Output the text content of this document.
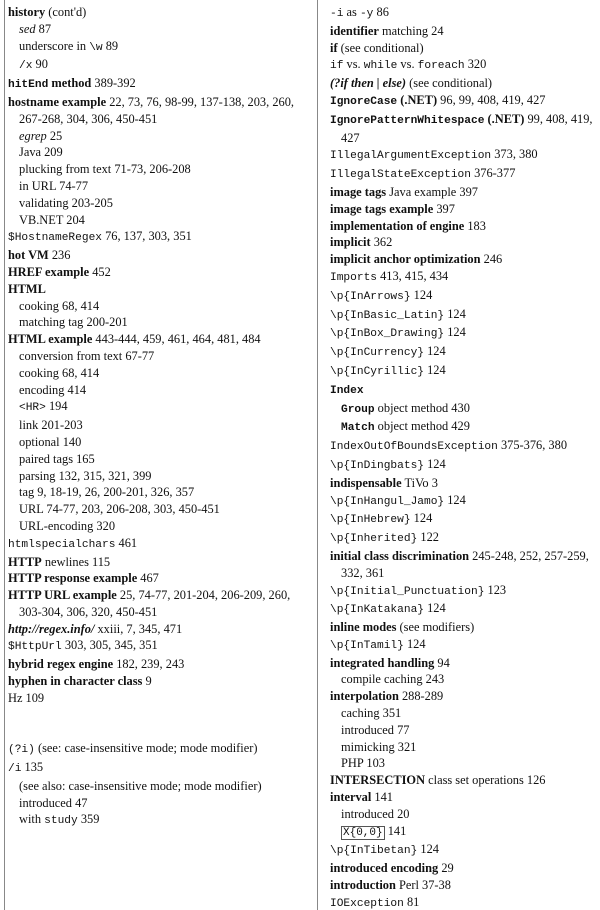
history (cont'd)
sed 87
underscore in \w 89
/x 90
hitEnd method 389-392
hostname example 22, 73, 76, 98-99, 137-138, 203, 260, 267-268, 304, 306, 450-451
egrep 25
Java 209
plucking from text 71-73, 206-208
in URL 74-77
validating 203-205
VB.NET 204
$HostnameRegex 76, 137, 303, 351
hot VM 236
HREF example 452
HTML
cooking 68, 414
matching tag 200-201
HTML example 443-444, 459, 461, 464, 481, 484
conversion from text 67-77
cooking 68, 414
encoding 414
<HR> 194
link 201-203
optional 140
paired tags 165
parsing 132, 315, 321, 399
tag 9, 18-19, 26, 200-201, 326, 357
URL 74-77, 203, 206-208, 303, 450-451
URL-encoding 320
htmlspecialchars 461
HTTP newlines 115
HTTP response example 467
HTTP URL example 25, 74-77, 201-204, 206-209, 260, 303-304, 306, 320, 450-451
http://regex.info/ xxiii, 7, 345, 471
$HttpUrl 303, 305, 345, 351
hybrid regex engine 182, 239, 243
hyphen in character class 9
Hz 109
(?i) (see: case-insensitive mode; mode modifier)
/i 135
(see also: case-insensitive mode; mode modifier)
introduced 47
with study 359
-i as -y 86
identifier matching 24
if (see conditional)
if vs. while vs. foreach 320
(?if then | else) (see conditional)
IgnoreCase (.NET) 96, 99, 408, 419, 427
IgnorePatternWhitespace (.NET) 99, 408, 419, 427
IllegalArgumentException 373, 380
IllegalStateException 376-377
image tags Java example 397
image tags example 397
implementation of engine 183
implicit 362
implicit anchor optimization 246
Imports 413, 415, 434
\p{InArrows} 124
\p{InBasic_Latin} 124
\p{InBox_Drawing} 124
\p{InCurrency} 124
\p{InCyrillic} 124
Index
Group object method 430
Match object method 429
IndexOutOfBoundsException 375-376, 380
\p{InDingbats} 124
indispensable TiVo 3
\p{InHangul_Jamo} 124
\p{InHebrew} 124
\p{Inherited} 122
initial class discrimination 245-248, 252, 257-259, 332, 361
\p{Initial_Punctuation} 123
\p{InKatakana} 124
inline modes (see modifiers)
\p{InTamil} 124
integrated handling 94
compile caching 243
interpolation 288-289
caching 351
introduced 77
mimicking 321
PHP 103
INTERSECTION class set operations 126
interval 141
introduced 20
X{0,0} 141
\p{InTibetan} 124
introduced encoding 29
introduction Perl 37-38
IOException 81
